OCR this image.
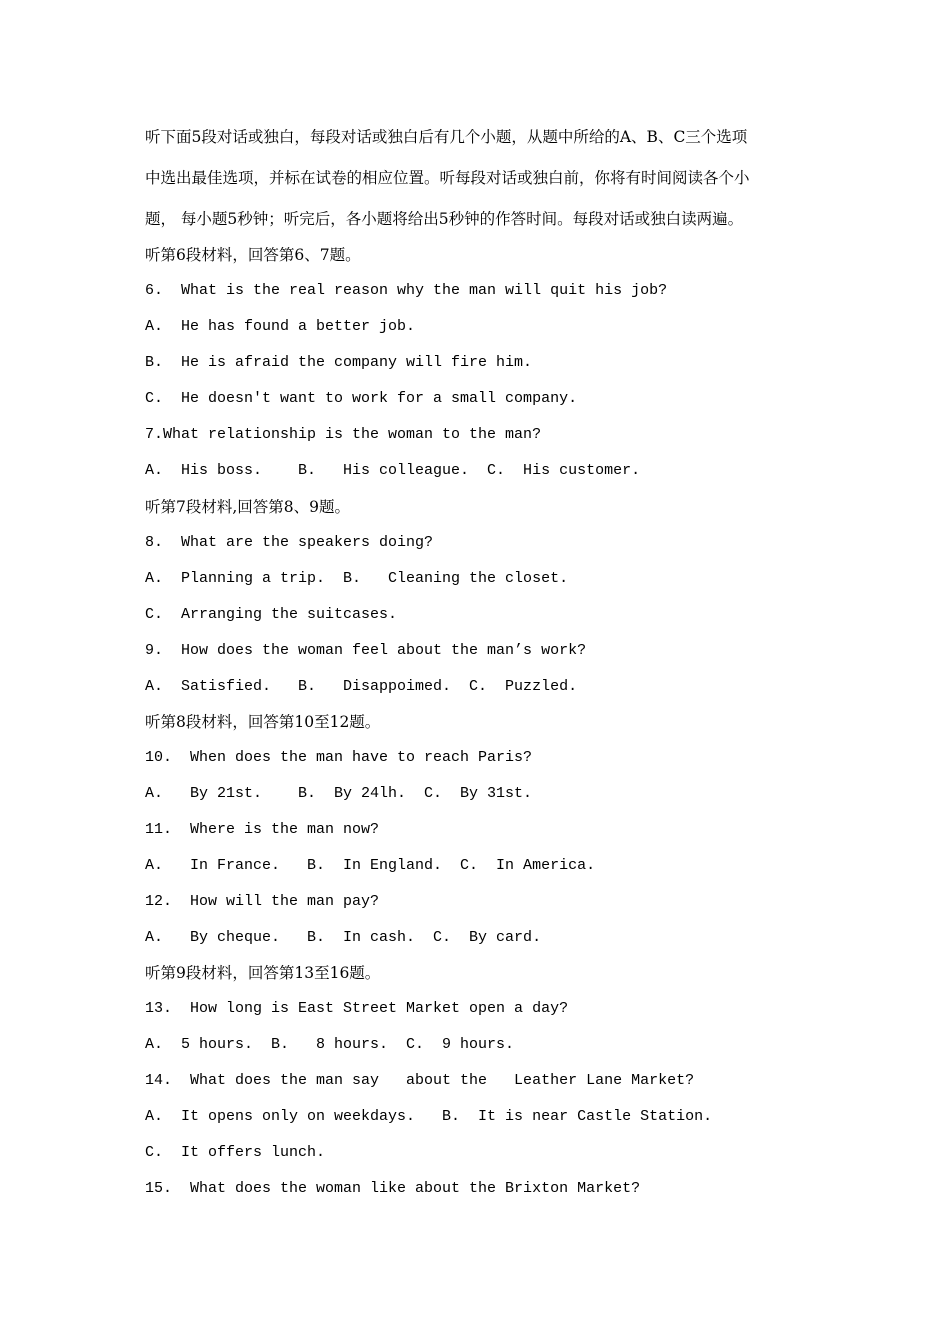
听下面5段对话或独白，每段对话或独白后有几个小题，从题中所给的A、B、C三个选项
中选出最佳选项，并标在试卷的相应位置。听每段对话或独白前，你将有时间阅读各个小
题， 每小题5秒钟；听完后，各小题将给出5秒钟的作答时间。每段对话或独白读两遍。
听第6段材料，回答第6、7题。
6.  What is the real reason why the man will quit his job?
A.  He has found a better job.
B.  He is afraid the company will fire him.
C.  He doesn't want to work for a small company.
7.What relationship is the woman to the man?
A.  His boss.    B.   His colleague.  C.  His customer.
听第7段材料,回答第8、9题。
8.  What are the speakers doing?
A.  Planning a trip.  B.   Cleaning the closet.
C.  Arranging the suitcases.
9.  How does the woman feel about the man’s work?
A.  Satisfied.   B.   Disappoimed.  C.  Puzzled.
听第8段材料，回答第10至12题。
10.  When does the man have to reach Paris?
A.   By 21st.    B.  By 24lh.  C.  By 31st.
11.  Where is the man now?
A.   In France.   B.  In England.  C.  In America.
12.  How will the man pay?
A.   By cheque.   B.  In cash.  C.  By card.
听第9段材料，回答第13至16题。
13.  How long is East Street Market open a day?
A.  5 hours.  B.   8 hours.  C.  9 hours.
14.  What does the man say   about the   Leather Lane Market?
A.  It opens only on weekdays.   B.  It is near Castle Station.
C.  It offers lunch.
15.  What does the woman like about the Brixton Market?
